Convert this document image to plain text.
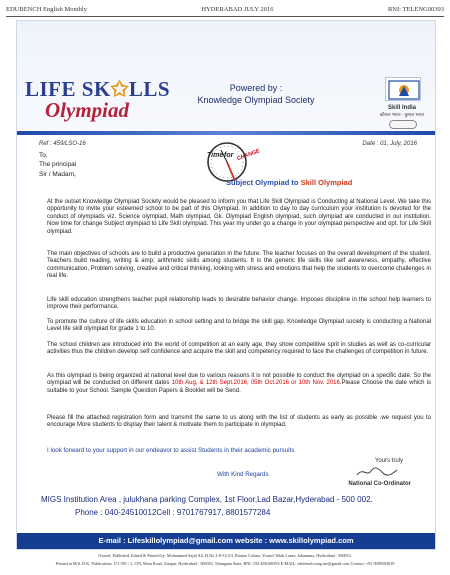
EDUBENCH English Monthly	HYDERABAD JULY 2016	RNI: TELENG00393
LIFE SK✩LLS
Olympiad
Powered by :
Knowledge Olympiad Society
Skill India
कौशल भारत - कुशल भारत
Ref : 459/LSO-16	Date : 01, July, 2016
To,
The principal
Sir / Madam,
Time for CHANGE
Subject Olympiad to Skill Olympiad

At the outset Knowledge Olympiad Society would be pleased to inform you that Life Skill Olympiad is Conducting at National Level. We take this opportunity to invite your esteemed school to be part of this Olympiad. In addition to day to day curriculum your institution is devoted for the conduct of olympiads viz. Science olympiad, Math olympiad, Gk. Olympiad English olympiad, such olympiad are conducted in our institution. Now time for change Subject olympiad to Life Skill olympiad. This year my under go a change in your olympiad perspective and opt. for Life Skill olympiad.

The main objectives of schools are to build a productive generation in the future. The teacher focuses on the overall development of the student. Teachers build reading, writing & amp; arithmetic skills among students. It is the generic life skills like self awareness, empathy, effective communication, Problem solving, creative and critical thinking, looking with stress and emotions that help the students to overcome challenges in real life.

Life skill education strengthens teacher pupil relationship leads to desirable behavior change. Imposes discipline in the school help learners to improve their performance.

To promote the culture of life skills education in school setting and to bridge the skill gap. Knowledge Olympiad society is conducting a National Level life skill olympiad for grade 1 to 10.

The school children are introduced into the world of competition at an early age, they show competitive sprit in studies as well as co-curricular activities thus the children develop self confidence and acquire the skill and competency required to face the challenges of competition in future.

As this olympiad is being organized at national level due to various reasons it is not possible to conduct the olympiad on a specific date. So the olympiad will be conducted on different dates 10th Aug, & 12th Sept.2016, 05th Oct.2016 or 10th Nov. 2016.Please Choose the date which is suitable to your School. Sample Question Papers & Booklet will be Send.

Please fill the attached registration form and transmit the same to us along with the list of students as early as possible .we request you to encourage More students to display their talent & motivate them to participate in olympiad.

I look forward to your support in our endeavor to assist Students in their academic pursuits
Yours truly
With Kind Regards
National Co-Ordinator
MIGS Institution Area , julukhana parking Complex, 1st Floor,Lad Bazar,Hyderabad - 500 002.
Phone : 040-24510012Cell : 9701767917, 8801577284
E-mail : Lifeskillolympiad@gmail.com website : www.skillolympiad.com
Owned, Published, Edited & Printed by: Mohammed Sajid Ali, H.No 2-8-51/2/3, Ranjan Colony, Yousuf Tekdi Lanes, Jahanuma, Hyderabad - 500053.
Printed at M/S. D.K. Publications 171-591 / 1, CPL Main Road, Attapur, Hyderabad - 500053. Telangana State. RNI: TELENG00393 E-MAIL: edubench.mag.ine@gmail.com Contact: +91 9989503819
